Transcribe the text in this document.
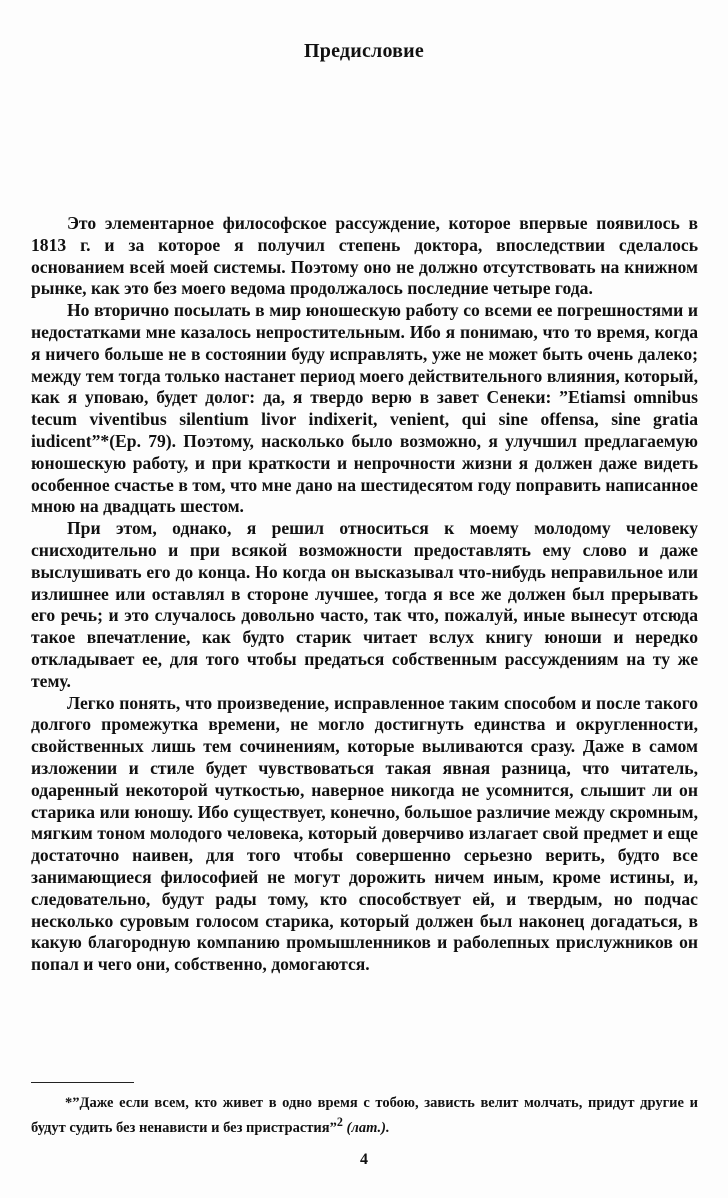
Предисловие

Это элементарное философское рассуждение, которое впервые появилось в 1813 г. и за которое я получил степень доктора, впоследствии сделалось основанием всей моей системы. Поэтому оно не должно отсутствовать на книжном рынке, как это без моего ведома продолжалось последние четыре года.

Но вторично посылать в мир юношескую работу со всеми ее погрешностями и недостатками мне казалось непростительным. Ибо я понимаю, что то время, когда я ничего больше не в состоянии буду исправлять, уже не может быть очень далеко; между тем тогда только настанет период моего действительного влияния, который, как я уповаю, будет долог: да, я твердо верю в завет Сенеки: ”Etiamsi omnibus tecum viventibus silentium livor indixerit, venient, qui sine offensa, sine gratia iudicent”*(Ep. 79). Поэтому, насколько было возможно, я улучшил предлагаемую юношескую работу, и при краткости и непрочности жизни я должен даже видеть особенное счастье в том, что мне дано на шестидесятом году поправить написанное мною на двадцать шестом.

При этом, однако, я решил относиться к моему молодому человеку снисходительно и при всякой возможности предоставлять ему слово и даже выслушивать его до конца. Но когда он высказывал что-нибудь неправильное или излишнее или оставлял в стороне лучшее, тогда я все же должен был прерывать его речь; и это случалось довольно часто, так что, пожалуй, иные вынесут отсюда такое впечатление, как будто старик читает вслух книгу юноши и нередко откладывает ее, для того чтобы предаться собственным рассуждениям на ту же тему.

Легко понять, что произведение, исправленное таким способом и после такого долгого промежутка времени, не могло достигнуть единства и округленности, свойственных лишь тем сочинениям, которые выливаются сразу. Даже в самом изложении и стиле будет чувствоваться такая явная разница, что читатель, одаренный некоторой чуткостью, наверное никогда не усомнится, слышит ли он старика или юношу. Ибо существует, конечно, большое различие между скромным, мягким тоном молодого человека, который доверчиво излагает свой предмет и еще достаточно наивен, для того чтобы совершенно серьезно верить, будто все занимающиеся философией не могут дорожить ничем иным, кроме истины, и, следовательно, будут рады тому, кто способствует ей, и твердым, но подчас несколько суровым голосом старика, который должен был наконец догадаться, в какую благородную компанию промышленников и раболепных прислужников он попал и чего они, собственно, домогаются.

*”Даже если всем, кто живет в одно время с тобою, зависть велит молчать, придут другие и будут судить без ненависти и без пристрастия”$^2$ (лат.).
4
